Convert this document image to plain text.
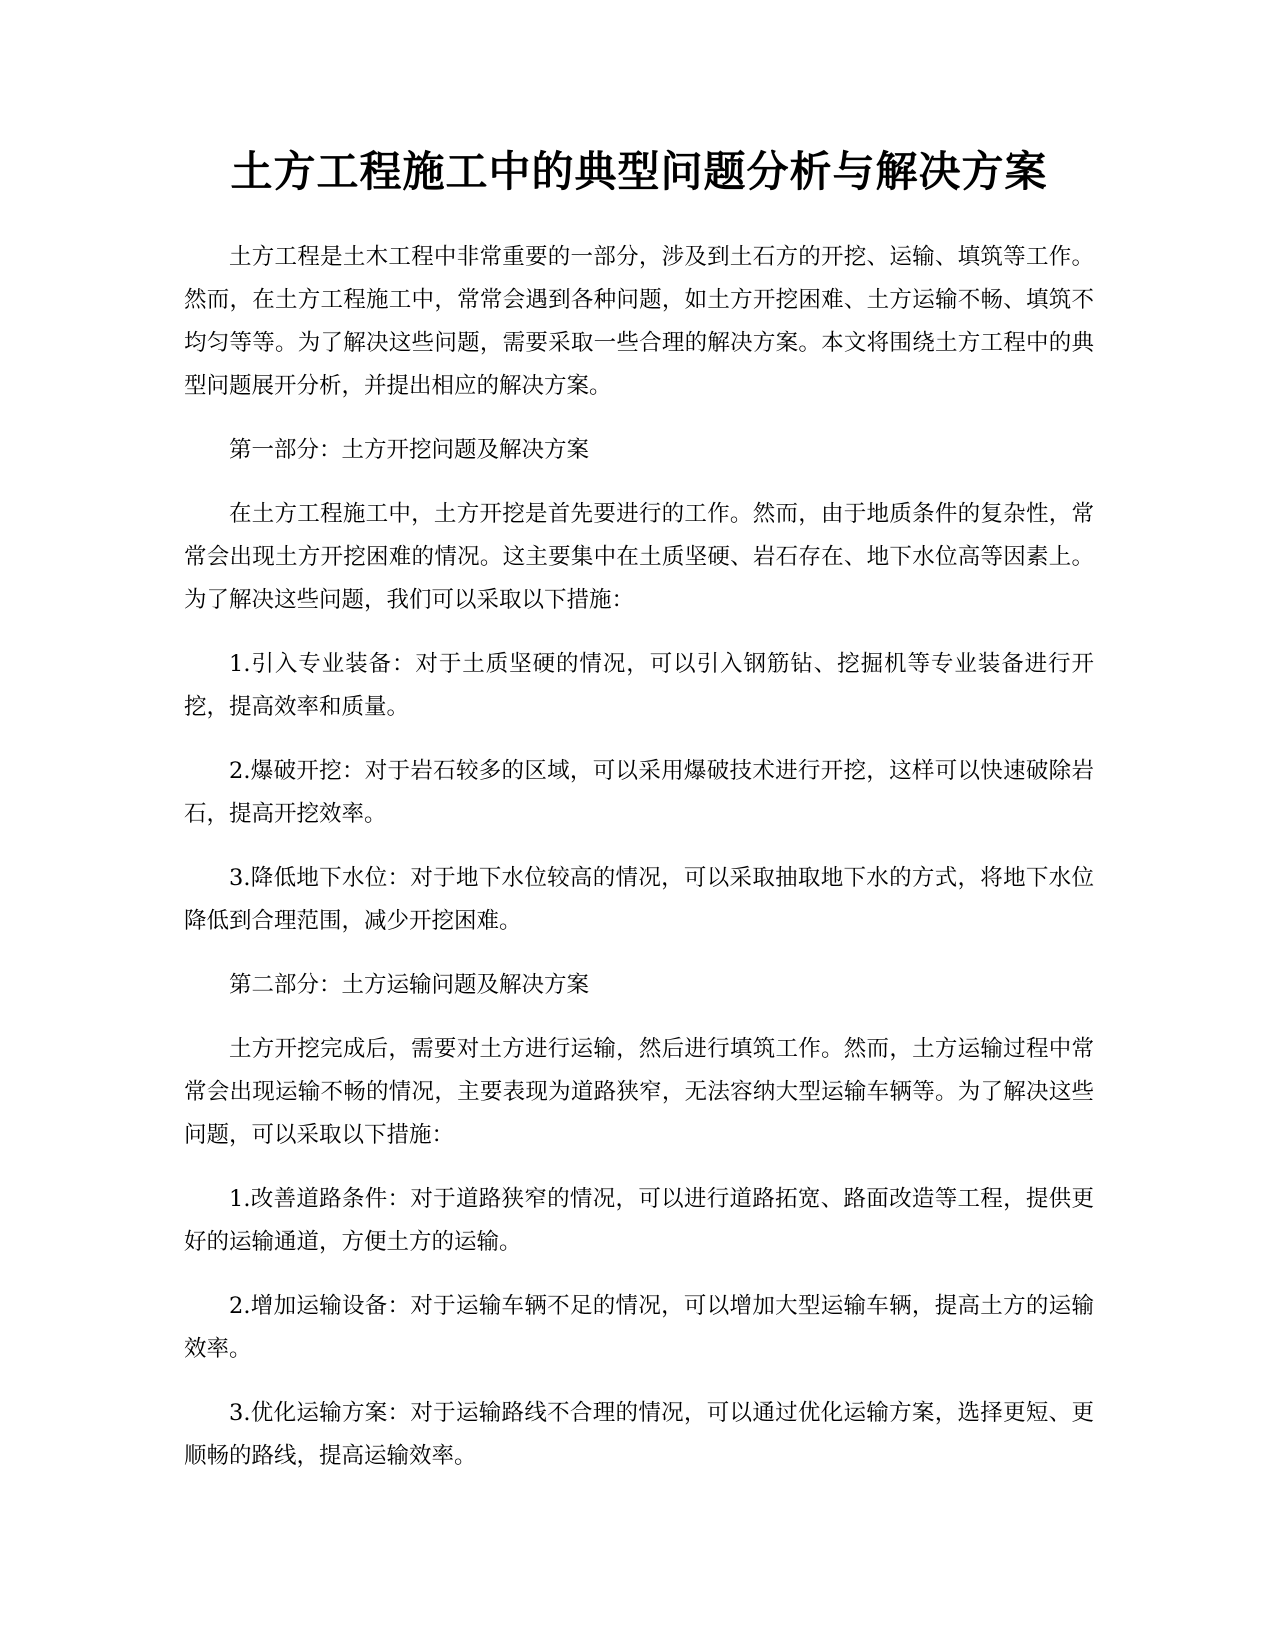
土方工程施工中的典型问题分析与解决方案

土方工程是土木工程中非常重要的一部分，涉及到土石方的开挖、运输、填筑等工作。然而，在土方工程施工中，常常会遇到各种问题，如土方开挖困难、土方运输不畅、填筑不均匀等等。为了解决这些问题，需要采取一些合理的解决方案。本文将围绕土方工程中的典型问题展开分析，并提出相应的解决方案。

第一部分：土方开挖问题及解决方案

在土方工程施工中，土方开挖是首先要进行的工作。然而，由于地质条件的复杂性，常常会出现土方开挖困难的情况。这主要集中在土质坚硬、岩石存在、地下水位高等因素上。为了解决这些问题，我们可以采取以下措施：

1.引入专业装备：对于土质坚硬的情况，可以引入钢筋钻、挖掘机等专业装备进行开挖，提高效率和质量。

2.爆破开挖：对于岩石较多的区域，可以采用爆破技术进行开挖，这样可以快速破除岩石，提高开挖效率。

3.降低地下水位：对于地下水位较高的情况，可以采取抽取地下水的方式，将地下水位降低到合理范围，减少开挖困难。

第二部分：土方运输问题及解决方案

土方开挖完成后，需要对土方进行运输，然后进行填筑工作。然而，土方运输过程中常常会出现运输不畅的情况，主要表现为道路狭窄，无法容纳大型运输车辆等。为了解决这些问题，可以采取以下措施：

1.改善道路条件：对于道路狭窄的情况，可以进行道路拓宽、路面改造等工程，提供更好的运输通道，方便土方的运输。

2.增加运输设备：对于运输车辆不足的情况，可以增加大型运输车辆，提高土方的运输效率。

3.优化运输方案：对于运输路线不合理的情况，可以通过优化运输方案，选择更短、更顺畅的路线，提高运输效率。
